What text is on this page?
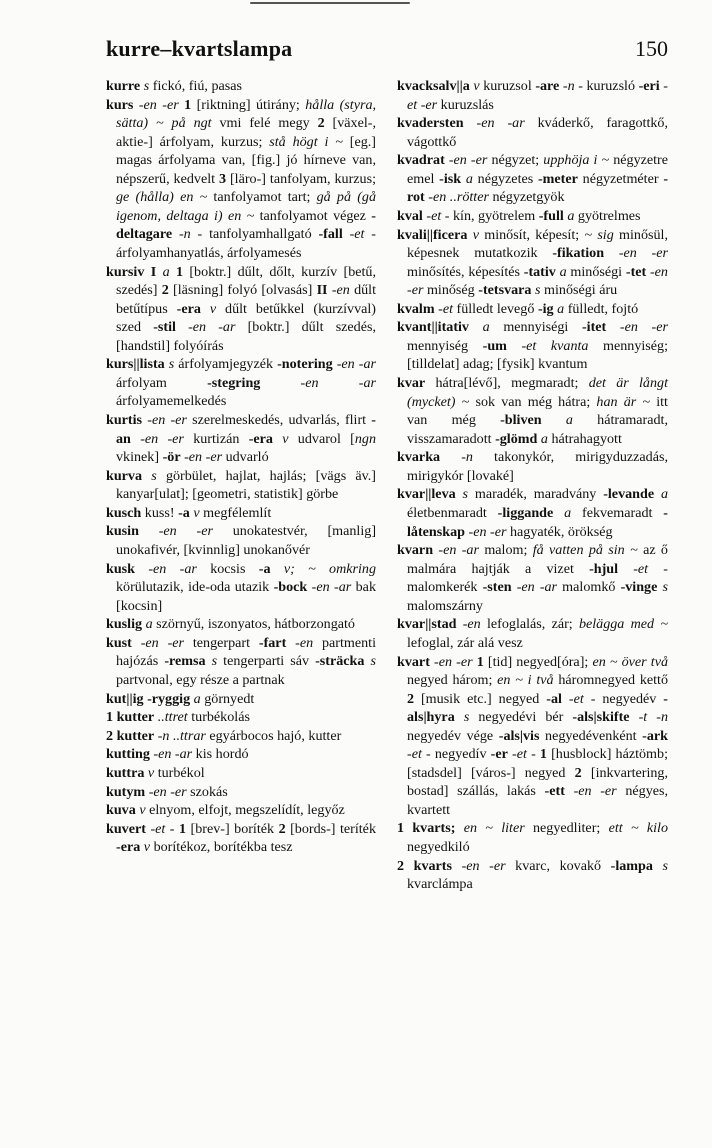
kurre–kvartslampa	150

kurre s fickó, fiú, pasas

kurs -en -er 1 [riktning] útirány; hålla (styra, sätta) ~ på ngt vmi felé megy 2 [växel-, aktie-] árfolyam, kurzus; stå högt i ~ [eg.] magas árfolyama van, [fig.] jó hírneve van, népszerű, kedvelt 3 [läro-] tanfolyam, kurzus; ge (hålla) en ~ tanfolyamot tart; gå på (gå igenom, deltaga i) en ~ tanfolyamot végez -deltagare -n - tanfolyamhallgató -fall -et - árfolyamhanyatlás, árfolyamesés

kursiv I a 1 [boktr.] dűlt, dőlt, kurzív [betű, szedés] 2 [läsning] folyó [olvasás] II -en dűlt betűtípus -era v dűlt betűkkel (kurzívval) szed -stil -en -ar [boktr.] dűlt szedés, [handstil] folyóírás

kurs||lista s árfolyamjegyzék -notering -en -ar árfolyam -stegring	-en -ar árfolyamemelkedés

kurtis -en -er szerelmeskedés, udvarlás, flirt -an -en -er kurtizán -era v udvarol [ngn vkinek] -ör -en -er udvarló

kurva s görbület, hajlat, hajlás; [vägs äv.] kanyar[ulat]; [geometri, statistik] görbe

kusch kuss! -a v megfélemlít

kusin -en -er unokatestvér, [manlig] unokafivér, [kvinnlig] unokanővér

kusk -en -ar kocsis -a v; ~ omkring körülutazik, ide-oda utazik -bock -en -ar bak [kocsin]

kuslig a szörnyű, iszonyatos, hátborzongató

kust -en -er tengerpart -fart -en partmenti hajózás -remsa s tengerparti sáv -sträcka s partvonal, egy része a partnak

kut||ig -ryggig a görnyedt

1 kutter ..ttret turbékolás

2 kutter -n ..ttrar egyárbocos hajó, kutter

kutting -en -ar kis hordó

kuttra v turbékol

kutym -en -er szokás

kuva v elnyom, elfojt, megszelídít, legyőz

kuvert -et - 1 [brev-] boríték 2 [bords-] teríték -era v borítékoz, borítékba tesz

kvacksalv||a v kuruzsol -are -n - kuruzsló -eri -et -er kuruzslás

kvadersten -en -ar kváderkő, faragottkő, vágottkő

kvadrat -en -er négyzet; upphöja i ~ négyzetre emel -isk a négyzetes -meter négyzetméter -rot -en ..rötter négyzetgyök

kval -et - kín, gyötrelem -full a gyötrelmes

kvali||ficera v minősít, képesít; ~ sig minősül, képesnek mutatkozik -fikation -en -er minősítés, képesítés -tativ a minőségi -tet -en -er minőség -tetsvara s minőségi áru

kvalm -et fülledt levegő -ig a fülledt, fojtó

kvant||itativ a mennyiségi -itet -en -er mennyiség -um -et kvanta mennyiség; [tilldelat] adag; [fysik] kvantum

kvar hátra[lévő], megmaradt; det är långt (mycket) ~ sok van még hátra; han är ~ itt van még -bliven a hátramaradt, visszamaradott -glömd a hátrahagyott

kvarka -n takonykór, mirigyduzzadás, mirigykór [lovaké]

kvar||leva s maradék, maradvány -levande a életbenmaradt -liggande a fekvemaradt -låtenskap -en -er hagyaték, örökség

kvarn -en -ar malom; få vatten på sin ~ az ő malmára hajtják a vizet -hjul -et - malomkerék -sten -en -ar malomkő -vinge s malomszárny

kvar||stad -en lefoglalás, zár; belägga med ~ lefoglal, zár alá vesz

kvart -en -er 1 [tid] negyed[óra]; en ~ över två negyed három; en ~ i två háromnegyed kettő 2 [musik etc.] negyed -al -et - negyedév -als|hyra s negyedévi bér -als|skifte -t -n negyedév vége -als|vis negyedévenként -ark -et - negyedív -er -et - 1 [husblock] háztömb; [stadsdel] [város-] negyed 2 [inkvartering, bostad] szállás, lakás -ett -en -er négyes, kvartett

1 kvarts; en ~ liter negyedliter; ett ~ kilo negyedkiló

2 kvarts -en -er kvarc, kovakő -lampa s kvarclámpa
